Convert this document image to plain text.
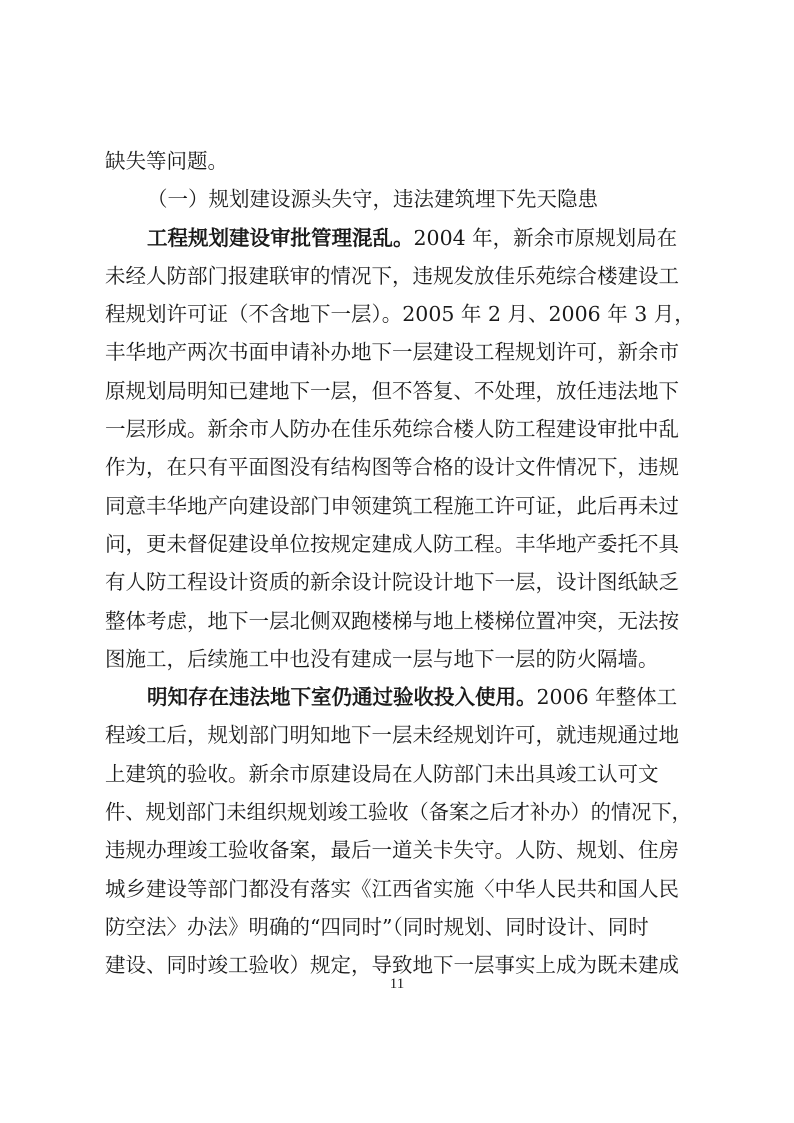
缺失等问题。
（一）规划建设源头失守，违法建筑埋下先天隐患
工程规划建设审批管理混乱。2004 年，新余市原规划局在
未经人防部门报建联审的情况下，违规发放佳乐苑综合楼建设工
程规划许可证（不含地下一层）。2005 年 2 月、2006 年 3 月，
丰华地产两次书面申请补办地下一层建设工程规划许可，新余市
原规划局明知已建地下一层，但不答复、不处理，放任违法地下
一层形成。新余市人防办在佳乐苑综合楼人防工程建设审批中乱
作为，在只有平面图没有结构图等合格的设计文件情况下，违规
同意丰华地产向建设部门申领建筑工程施工许可证，此后再未过
问，更未督促建设单位按规定建成人防工程。丰华地产委托不具
有人防工程设计资质的新余设计院设计地下一层，设计图纸缺乏
整体考虑，地下一层北侧双跑楼梯与地上楼梯位置冲突，无法按
图施工，后续施工中也没有建成一层与地下一层的防火隔墙。
明知存在违法地下室仍通过验收投入使用。2006 年整体工
程竣工后，规划部门明知地下一层未经规划许可，就违规通过地
上建筑的验收。新余市原建设局在人防部门未出具竣工认可文
件、规划部门未组织规划竣工验收（备案之后才补办）的情况下，
违规办理竣工验收备案，最后一道关卡失守。人防、规划、住房
城乡建设等部门都没有落实《江西省实施〈中华人民共和国人民
防空法〉办法》明确的“四同时”（同时规划、同时设计、同时
建设、同时竣工验收）规定，导致地下一层事实上成为既未建成
11
